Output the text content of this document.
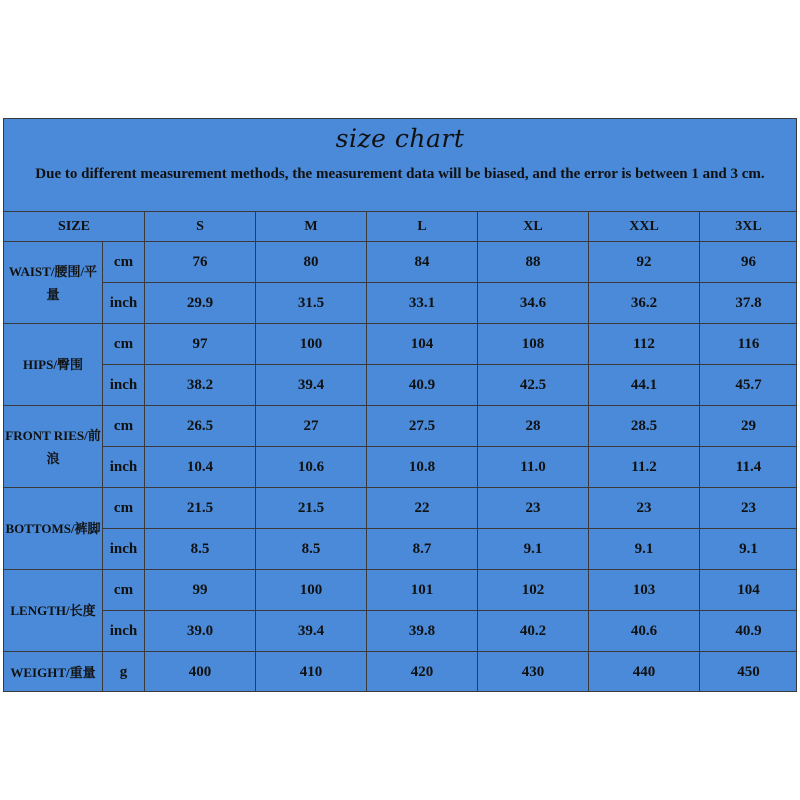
size chart
Due to different measurement methods, the measurement data will be biased, and the error is between 1 and 3 cm.
SIZE		S	M	L	XL	XXL	3XL
WAIST/腰围/平量	cm	76	80	84	88	92	96
	inch	29.9	31.5	33.1	34.6	36.2	37.8
HIPS/臀围	cm	97	100	104	108	112	116
	inch	38.2	39.4	40.9	42.5	44.1	45.7
FRONT RIES/前浪	cm	26.5	27	27.5	28	28.5	29
	inch	10.4	10.6	10.8	11.0	11.2	11.4
BOTTOMS/裤脚	cm	21.5	21.5	22	23	23	23
	inch	8.5	8.5	8.7	9.1	9.1	9.1
LENGTH/长度	cm	99	100	101	102	103	104
	inch	39.0	39.4	39.8	40.2	40.6	40.9
WEIGHT/重量	g	400	410	420	430	440	450
